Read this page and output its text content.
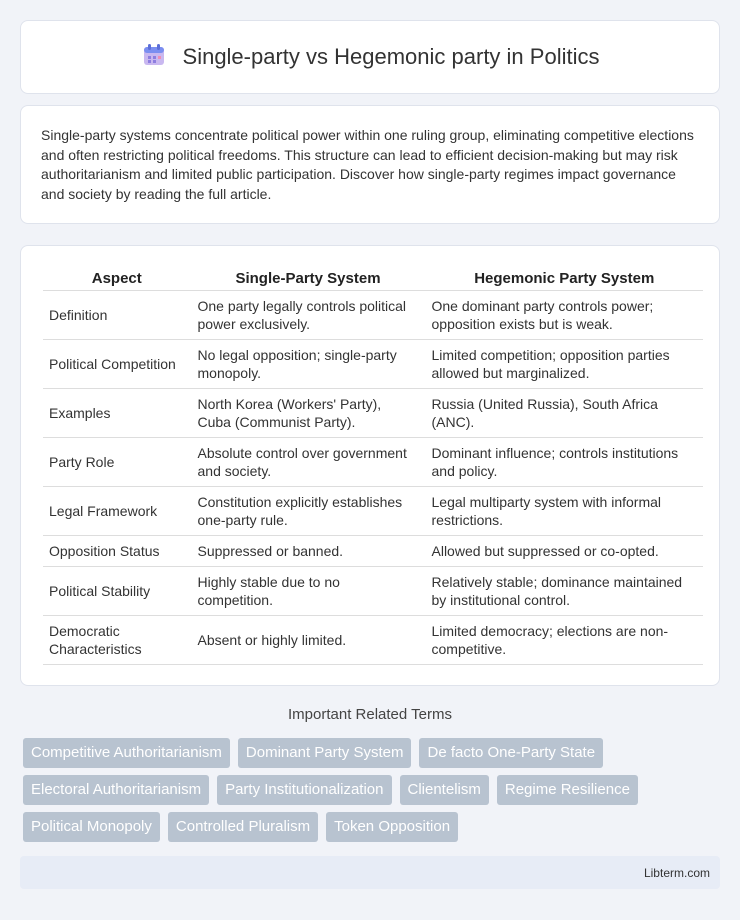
Single-party vs Hegemonic party in Politics

Single-party systems concentrate political power within one ruling group, eliminating competitive elections and often restricting political freedoms. This structure can lead to efficient decision-making but may risk authoritarianism and limited public participation. Discover how single-party regimes impact governance and society by reading the full article.

Aspect	Single-Party System	Hegemonic Party System
Definition	One party legally controls political power exclusively.	One dominant party controls power; opposition exists but is weak.
Political Competition	No legal opposition; single-party monopoly.	Limited competition; opposition parties allowed but marginalized.
Examples	North Korea (Workers' Party), Cuba (Communist Party).	Russia (United Russia), South Africa (ANC).
Party Role	Absolute control over government and society.	Dominant influence; controls institutions and policy.
Legal Framework	Constitution explicitly establishes one-party rule.	Legal multiparty system with informal restrictions.
Opposition Status	Suppressed or banned.	Allowed but suppressed or co-opted.
Political Stability	Highly stable due to no competition.	Relatively stable; dominance maintained by institutional control.
Democratic Characteristics	Absent or highly limited.	Limited democracy; elections are non-competitive.
Important Related Terms
Competitive Authoritarianism	Dominant Party System	De facto One-Party State
Electoral Authoritarianism	Party Institutionalization	Clientelism	Regime Resilience
Political Monopoly	Controlled Pluralism	Token Opposition
Libterm.com
